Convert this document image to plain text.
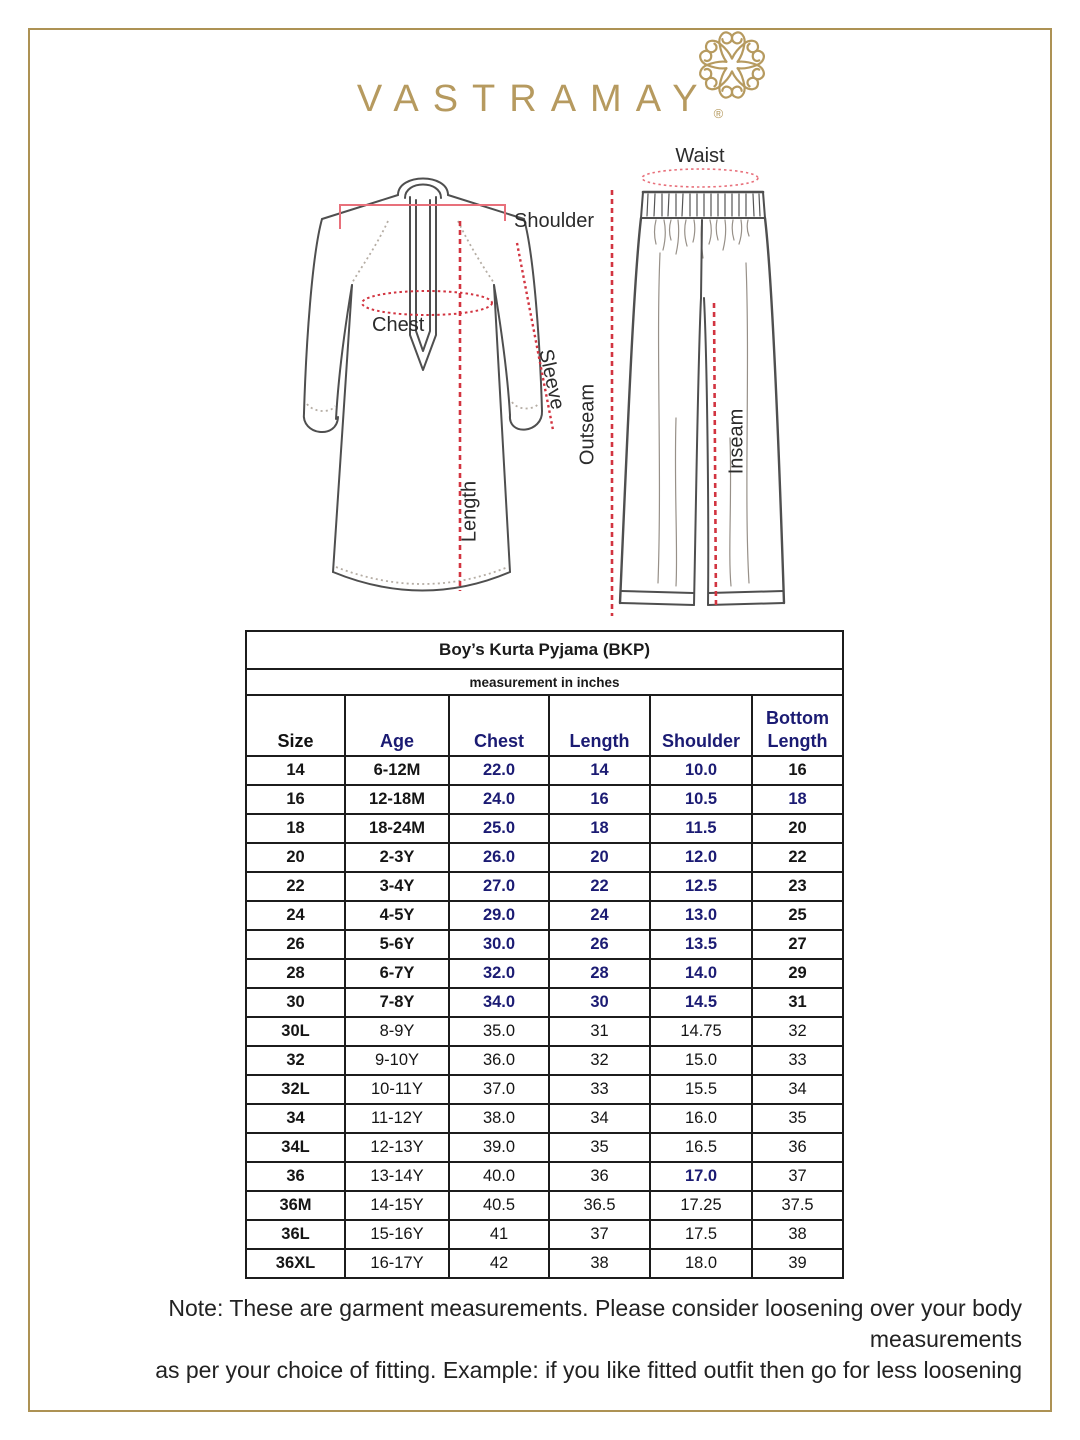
VASTRAMAY $_®$
Waist
Shoulder
Chest
Sleeve
Length
Outseam	Inseam
Boy’s Kurta Pyjama (BKP)					
measurement in inches					
Size	Age	Chest	Length	Shoulder	Bottom Length
14	6-12M	22.0	14	10.0	16
16	12-18M	24.0	16	10.5	18
18	18-24M	25.0	18	11.5	20
20	2-3Y	26.0	20	12.0	22
22	3-4Y	27.0	22	12.5	23
24	4-5Y	29.0	24	13.0	25
26	5-6Y	30.0	26	13.5	27
28	6-7Y	32.0	28	14.0	29
30	7-8Y	34.0	30	14.5	31
30L	8-9Y	35.0	31	14.75	32
32	9-10Y	36.0	32	15.0	33
32L	10-11Y	37.0	33	15.5	34
34	11-12Y	38.0	34	16.0	35
34L	12-13Y	39.0	35	16.5	36
36	13-14Y	40.0	36	17.0	37
36M	14-15Y	40.5	36.5	17.25	37.5
36L	15-16Y	41	37	17.5	38
36XL	16-17Y	42	38	18.0	39
Note: These are garment measurements. Please consider loosening over your body measurements
as per your choice of fitting. Example: if you like fitted outfit then go for less loosening
